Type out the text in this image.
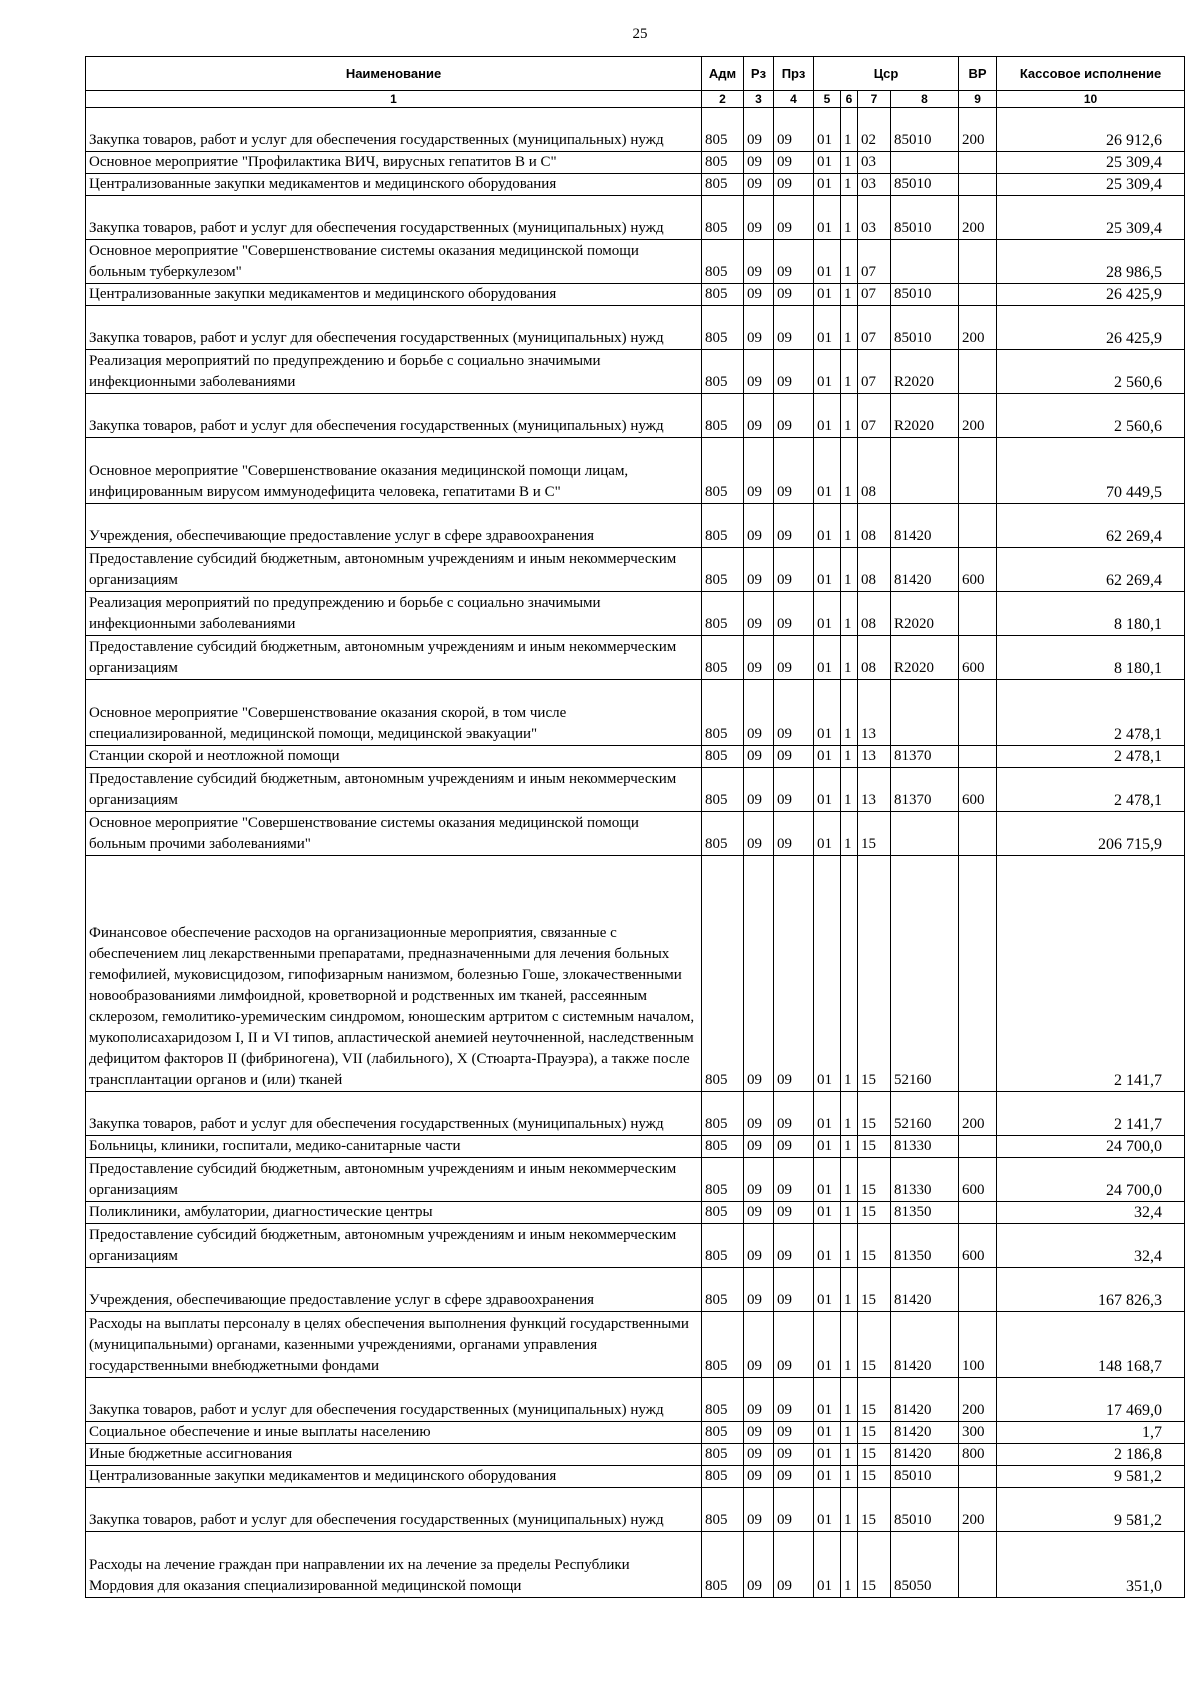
25
Наименование	Адм	Рз	Прз	Цср				ВР	Кассовое исполнение
1	2	3	4	5	6	7	8	9	10
Закупка товаров, работ и услуг для обеспечения государственных (муниципальных) нужд	805	09	09	01	1	02	85010	200	26 912,6
Основное мероприятие "Профилактика ВИЧ, вирусных гепатитов В и С"	805	09	09	01	1	03			25 309,4
Централизованные закупки медикаментов и медицинского оборудования	805	09	09	01	1	03	85010		25 309,4
Закупка товаров, работ и услуг для обеспечения государственных (муниципальных) нужд	805	09	09	01	1	03	85010	200	25 309,4
Основное мероприятие "Совершенствование системы оказания медицинской помощи больным туберкулезом"	805	09	09	01	1	07			28 986,5
Централизованные закупки медикаментов и медицинского оборудования	805	09	09	01	1	07	85010		26 425,9
Закупка товаров, работ и услуг для обеспечения государственных (муниципальных) нужд	805	09	09	01	1	07	85010	200	26 425,9
Реализация мероприятий по предупреждению и борьбе с социально значимыми инфекционными заболеваниями	805	09	09	01	1	07	R2020		2 560,6
Закупка товаров, работ и услуг для обеспечения государственных (муниципальных) нужд	805	09	09	01	1	07	R2020	200	2 560,6
Основное мероприятие "Совершенствование оказания медицинской помощи лицам, инфицированным вирусом иммунодефицита человека, гепатитами В и С"	805	09	09	01	1	08			70 449,5
Учреждения, обеспечивающие предоставление услуг в сфере здравоохранения	805	09	09	01	1	08	81420		62 269,4
Предоставление субсидий бюджетным, автономным учреждениям и иным некоммерческим организациям	805	09	09	01	1	08	81420	600	62 269,4
Реализация мероприятий по предупреждению и борьбе с социально значимыми инфекционными заболеваниями	805	09	09	01	1	08	R2020		8 180,1
Предоставление субсидий бюджетным, автономным учреждениям и иным некоммерческим организациям	805	09	09	01	1	08	R2020	600	8 180,1
Основное мероприятие "Совершенствование оказания скорой, в том числе специализированной, медицинской помощи, медицинской эвакуации"	805	09	09	01	1	13			2 478,1
Станции скорой и неотложной помощи	805	09	09	01	1	13	81370		2 478,1
Предоставление субсидий бюджетным, автономным учреждениям и иным некоммерческим организациям	805	09	09	01	1	13	81370	600	2 478,1
Основное мероприятие "Совершенствование системы оказания медицинской помощи больным прочими заболеваниями"	805	09	09	01	1	15			206 715,9
Финансовое обеспечение расходов на организационные мероприятия, связанные с обеспечением лиц лекарственными препаратами, предназначенными для лечения больных гемофилией, муковисцидозом, гипофизарным нанизмом, болезнью Гоше, злокачественными новообразованиями лимфоидной, кроветворной и родственных им тканей, рассеянным склерозом, гемолитико-уремическим синдромом, юношеским артритом с системным началом, мукополисахаридозом I, II и VI типов, апластической анемией неуточненной, наследственным дефицитом факторов II (фибриногена), VII (лабильного), X (Стюарта-Прауэра), а также после трансплантации органов и (или) тканей	805	09	09	01	1	15	52160		2 141,7
Закупка товаров, работ и услуг для обеспечения государственных (муниципальных) нужд	805	09	09	01	1	15	52160	200	2 141,7
Больницы, клиники, госпитали, медико-санитарные части	805	09	09	01	1	15	81330		24 700,0
Предоставление субсидий бюджетным, автономным учреждениям и иным некоммерческим организациям	805	09	09	01	1	15	81330	600	24 700,0
Поликлиники, амбулатории, диагностические центры	805	09	09	01	1	15	81350		32,4
Предоставление субсидий бюджетным, автономным учреждениям и иным некоммерческим организациям	805	09	09	01	1	15	81350	600	32,4
Учреждения, обеспечивающие предоставление услуг в сфере здравоохранения	805	09	09	01	1	15	81420		167 826,3
Расходы на выплаты персоналу в целях обеспечения выполнения функций государственными (муниципальными) органами, казенными учреждениями, органами управления государственными внебюджетными фондами	805	09	09	01	1	15	81420	100	148 168,7
Закупка товаров, работ и услуг для обеспечения государственных (муниципальных) нужд	805	09	09	01	1	15	81420	200	17 469,0
Социальное обеспечение и иные выплаты населению	805	09	09	01	1	15	81420	300	1,7
Иные бюджетные ассигнования	805	09	09	01	1	15	81420	800	2 186,8
Централизованные закупки медикаментов и медицинского оборудования	805	09	09	01	1	15	85010		9 581,2
Закупка товаров, работ и услуг для обеспечения государственных (муниципальных) нужд	805	09	09	01	1	15	85010	200	9 581,2
Расходы на лечение граждан при направлении их на лечение за пределы Республики Мордовия для оказания специализированной медицинской помощи	805	09	09	01	1	15	85050		351,0
